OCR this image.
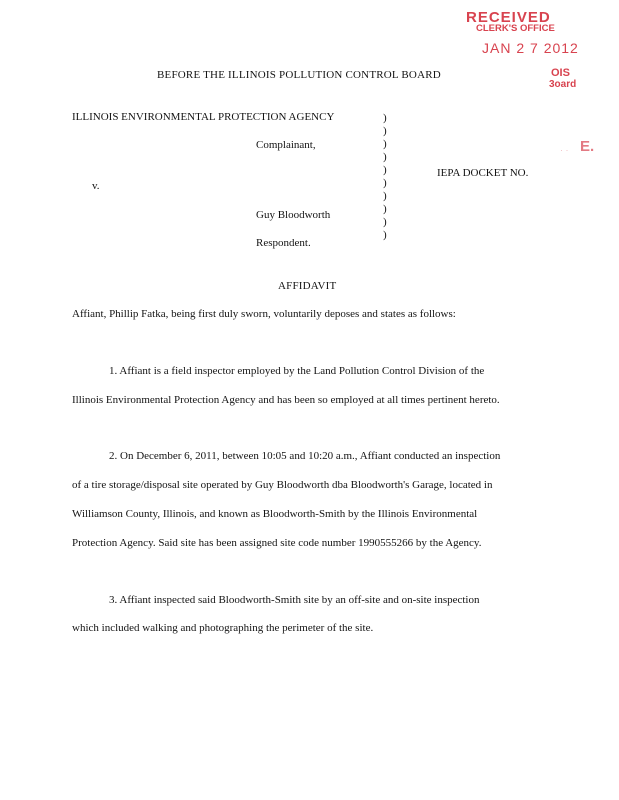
RECEIVED
CLERK'S OFFICE
JAN 2 7 2012
OIS
3oard
E.
· ·
BEFORE THE ILLINOIS POLLUTION CONTROL BOARD
ILLINOIS ENVIRONMENTAL PROTECTION AGENCY
Complainant,
v.
Guy Bloodworth
Respondent.
IEPA DOCKET NO.
)
)
)
)
)
)
)
)
)
)
AFFIDAVIT
Affiant, Phillip Fatka, being first duly sworn, voluntarily deposes and states as follows:
1. Affiant is a field inspector employed by the Land Pollution Control Division of the
Illinois Environmental Protection Agency and has been so employed at all times pertinent hereto.
2. On December 6, 2011, between 10:05 and 10:20 a.m., Affiant conducted an inspection
of a tire storage/disposal site operated by Guy Bloodworth dba Bloodworth's Garage, located in
Williamson County, Illinois, and known as Bloodworth-Smith by the Illinois Environmental
Protection Agency. Said site has been assigned site code number 1990555266 by the Agency.
3. Affiant inspected said Bloodworth-Smith site by an off-site and on-site inspection
which included walking and photographing the perimeter of the site.
